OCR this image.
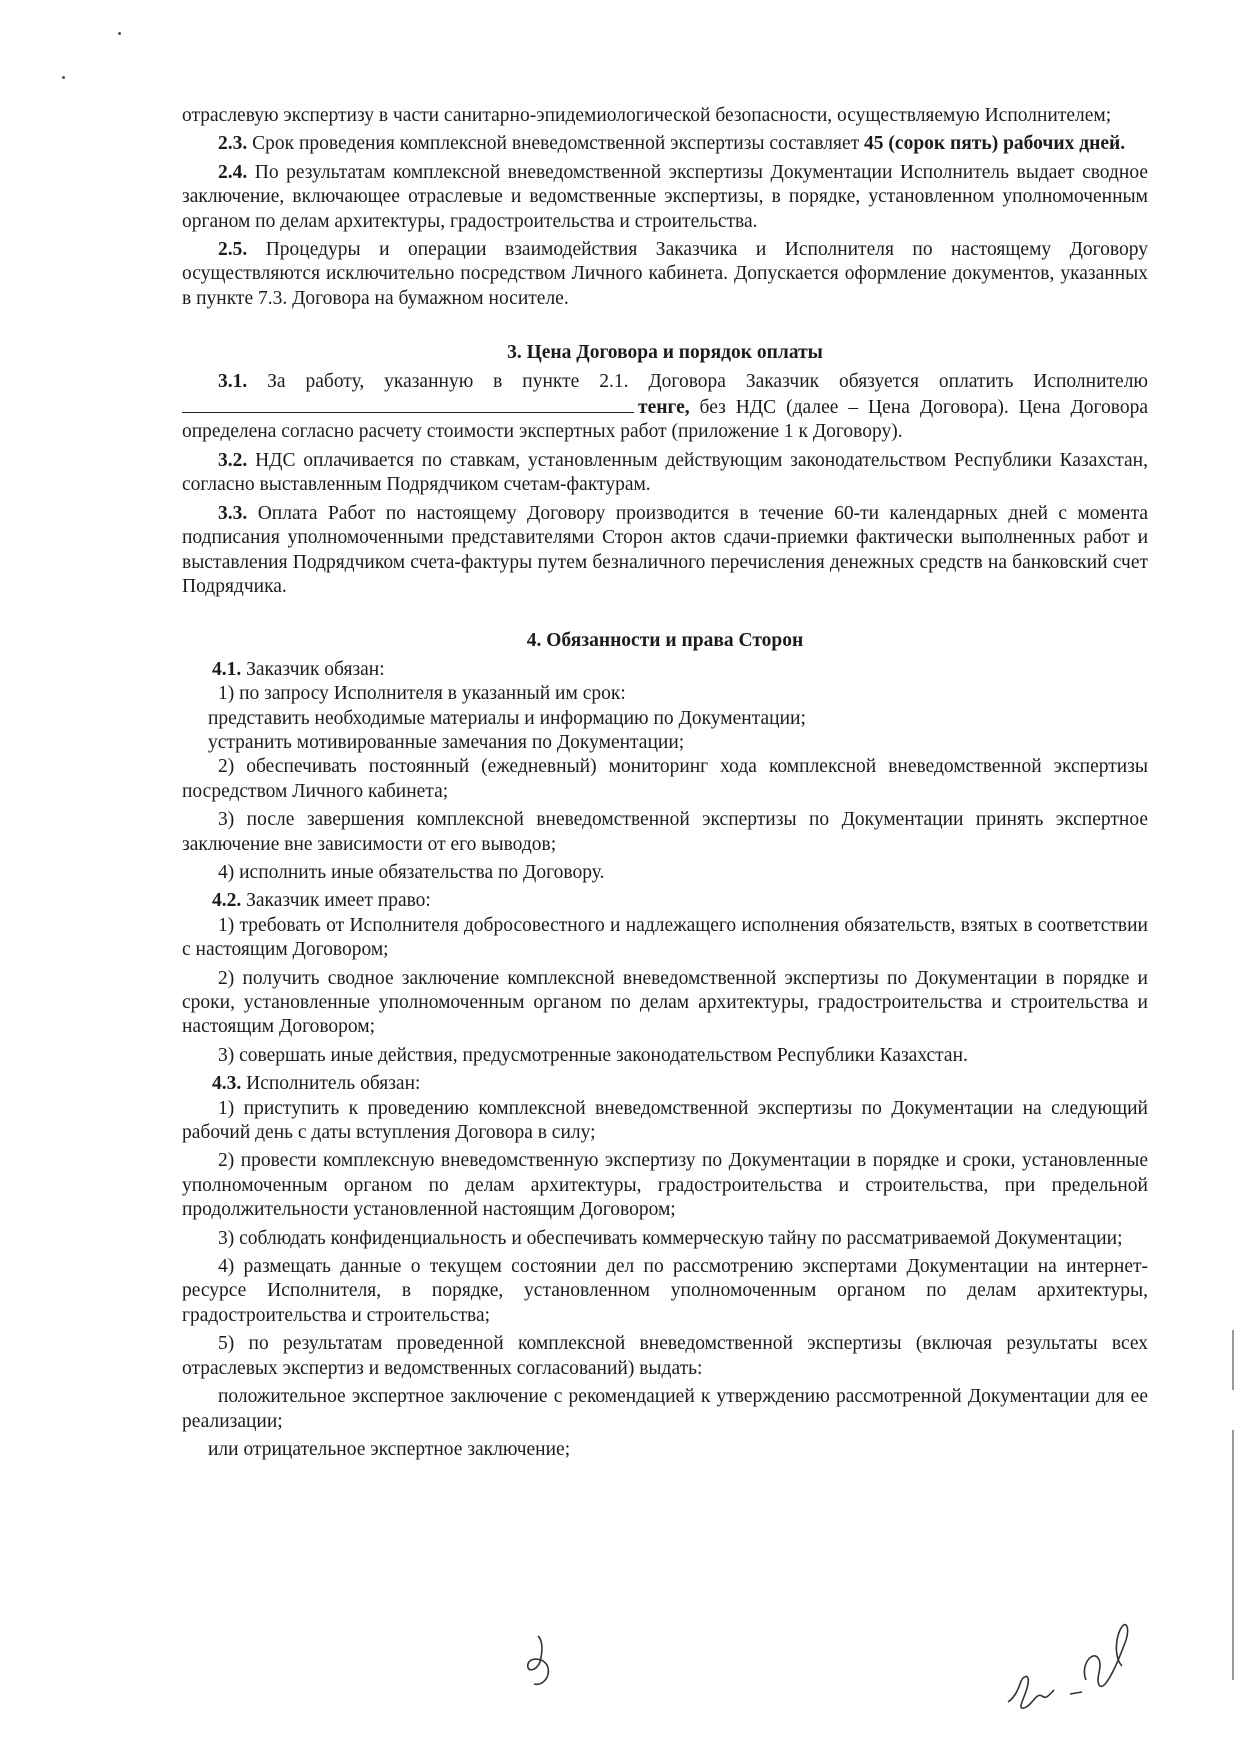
отраслевую экспертизу в части санитарно-эпидемиологической безопасности, осуществляемую Исполнителем;

2.3. Срок проведения комплексной вневедомственной экспертизы составляет 45 (сорок пять) рабочих дней.

2.4. По результатам комплексной вневедомственной экспертизы Документации Исполнитель выдает сводное заключение, включающее отраслевые и ведомственные экспертизы, в порядке, установленном уполномоченным органом по делам архитектуры, градостроительства и строительства.

2.5. Процедуры и операции взаимодействия Заказчика и Исполнителя по настоящему Договору осуществляются исключительно посредством Личного кабинета. Допускается оформление документов, указанных в пункте 7.3. Договора на бумажном носителе.

3. Цена Договора и порядок оплаты

3.1. За работу, указанную в пункте 2.1. Договора Заказчик обязуется оплатить Исполнителю тенге, без НДС (далее – Цена Договора). Цена Договора определена согласно расчету стоимости экспертных работ (приложение 1 к Договору).

3.2. НДС оплачивается по ставкам, установленным действующим законодательством Республики Казахстан, согласно выставленным Подрядчиком счетам-фактурам.

3.3. Оплата Работ по настоящему Договору производится в течение 60-ти календарных дней с момента подписания уполномоченными представителями Сторон актов сдачи-приемки фактически выполненных работ и выставления Подрядчиком счета-фактуры путем безналичного перечисления денежных средств на банковский счет Подрядчика.

4. Обязанности и права Сторон

4.1. Заказчик обязан:

1) по запросу Исполнителя в указанный им срок:

представить необходимые материалы и информацию по Документации;

устранить мотивированные замечания по Документации;

2) обеспечивать постоянный (ежедневный) мониторинг хода комплексной вневедомственной экспертизы посредством Личного кабинета;

3) после завершения комплексной вневедомственной экспертизы по Документации принять экспертное заключение вне зависимости от его выводов;

4) исполнить иные обязательства по Договору.

4.2. Заказчик имеет право:

1) требовать от Исполнителя добросовестного и надлежащего исполнения обязательств, взятых в соответствии с настоящим Договором;

2) получить сводное заключение комплексной вневедомственной экспертизы по Документации в порядке и сроки, установленные уполномоченным органом по делам архитектуры, градостроительства и строительства и настоящим Договором;

3) совершать иные действия, предусмотренные законодательством Республики Казахстан.

4.3. Исполнитель обязан:

1) приступить к проведению комплексной вневедомственной экспертизы по Документации на следующий рабочий день с даты вступления Договора в силу;

2) провести комплексную вневедомственную экспертизу по Документации в порядке и сроки, установленные уполномоченным органом по делам архитектуры, градостроительства и строительства, при предельной продолжительности установленной настоящим Договором;

3) соблюдать конфиденциальность и обеспечивать коммерческую тайну по рассматриваемой Документации;

4) размещать данные о текущем состоянии дел по рассмотрению экспертами Документации на интернет-ресурсе Исполнителя, в порядке, установленном уполномоченным органом по делам архитектуры, градостроительства и строительства;

5) по результатам проведенной комплексной вневедомственной экспертизы (включая результаты всех отраслевых экспертиз и ведомственных согласований) выдать:

положительное экспертное заключение с рекомендацией к утверждению рассмотренной Документации для ее реализации;

или отрицательное экспертное заключение;
